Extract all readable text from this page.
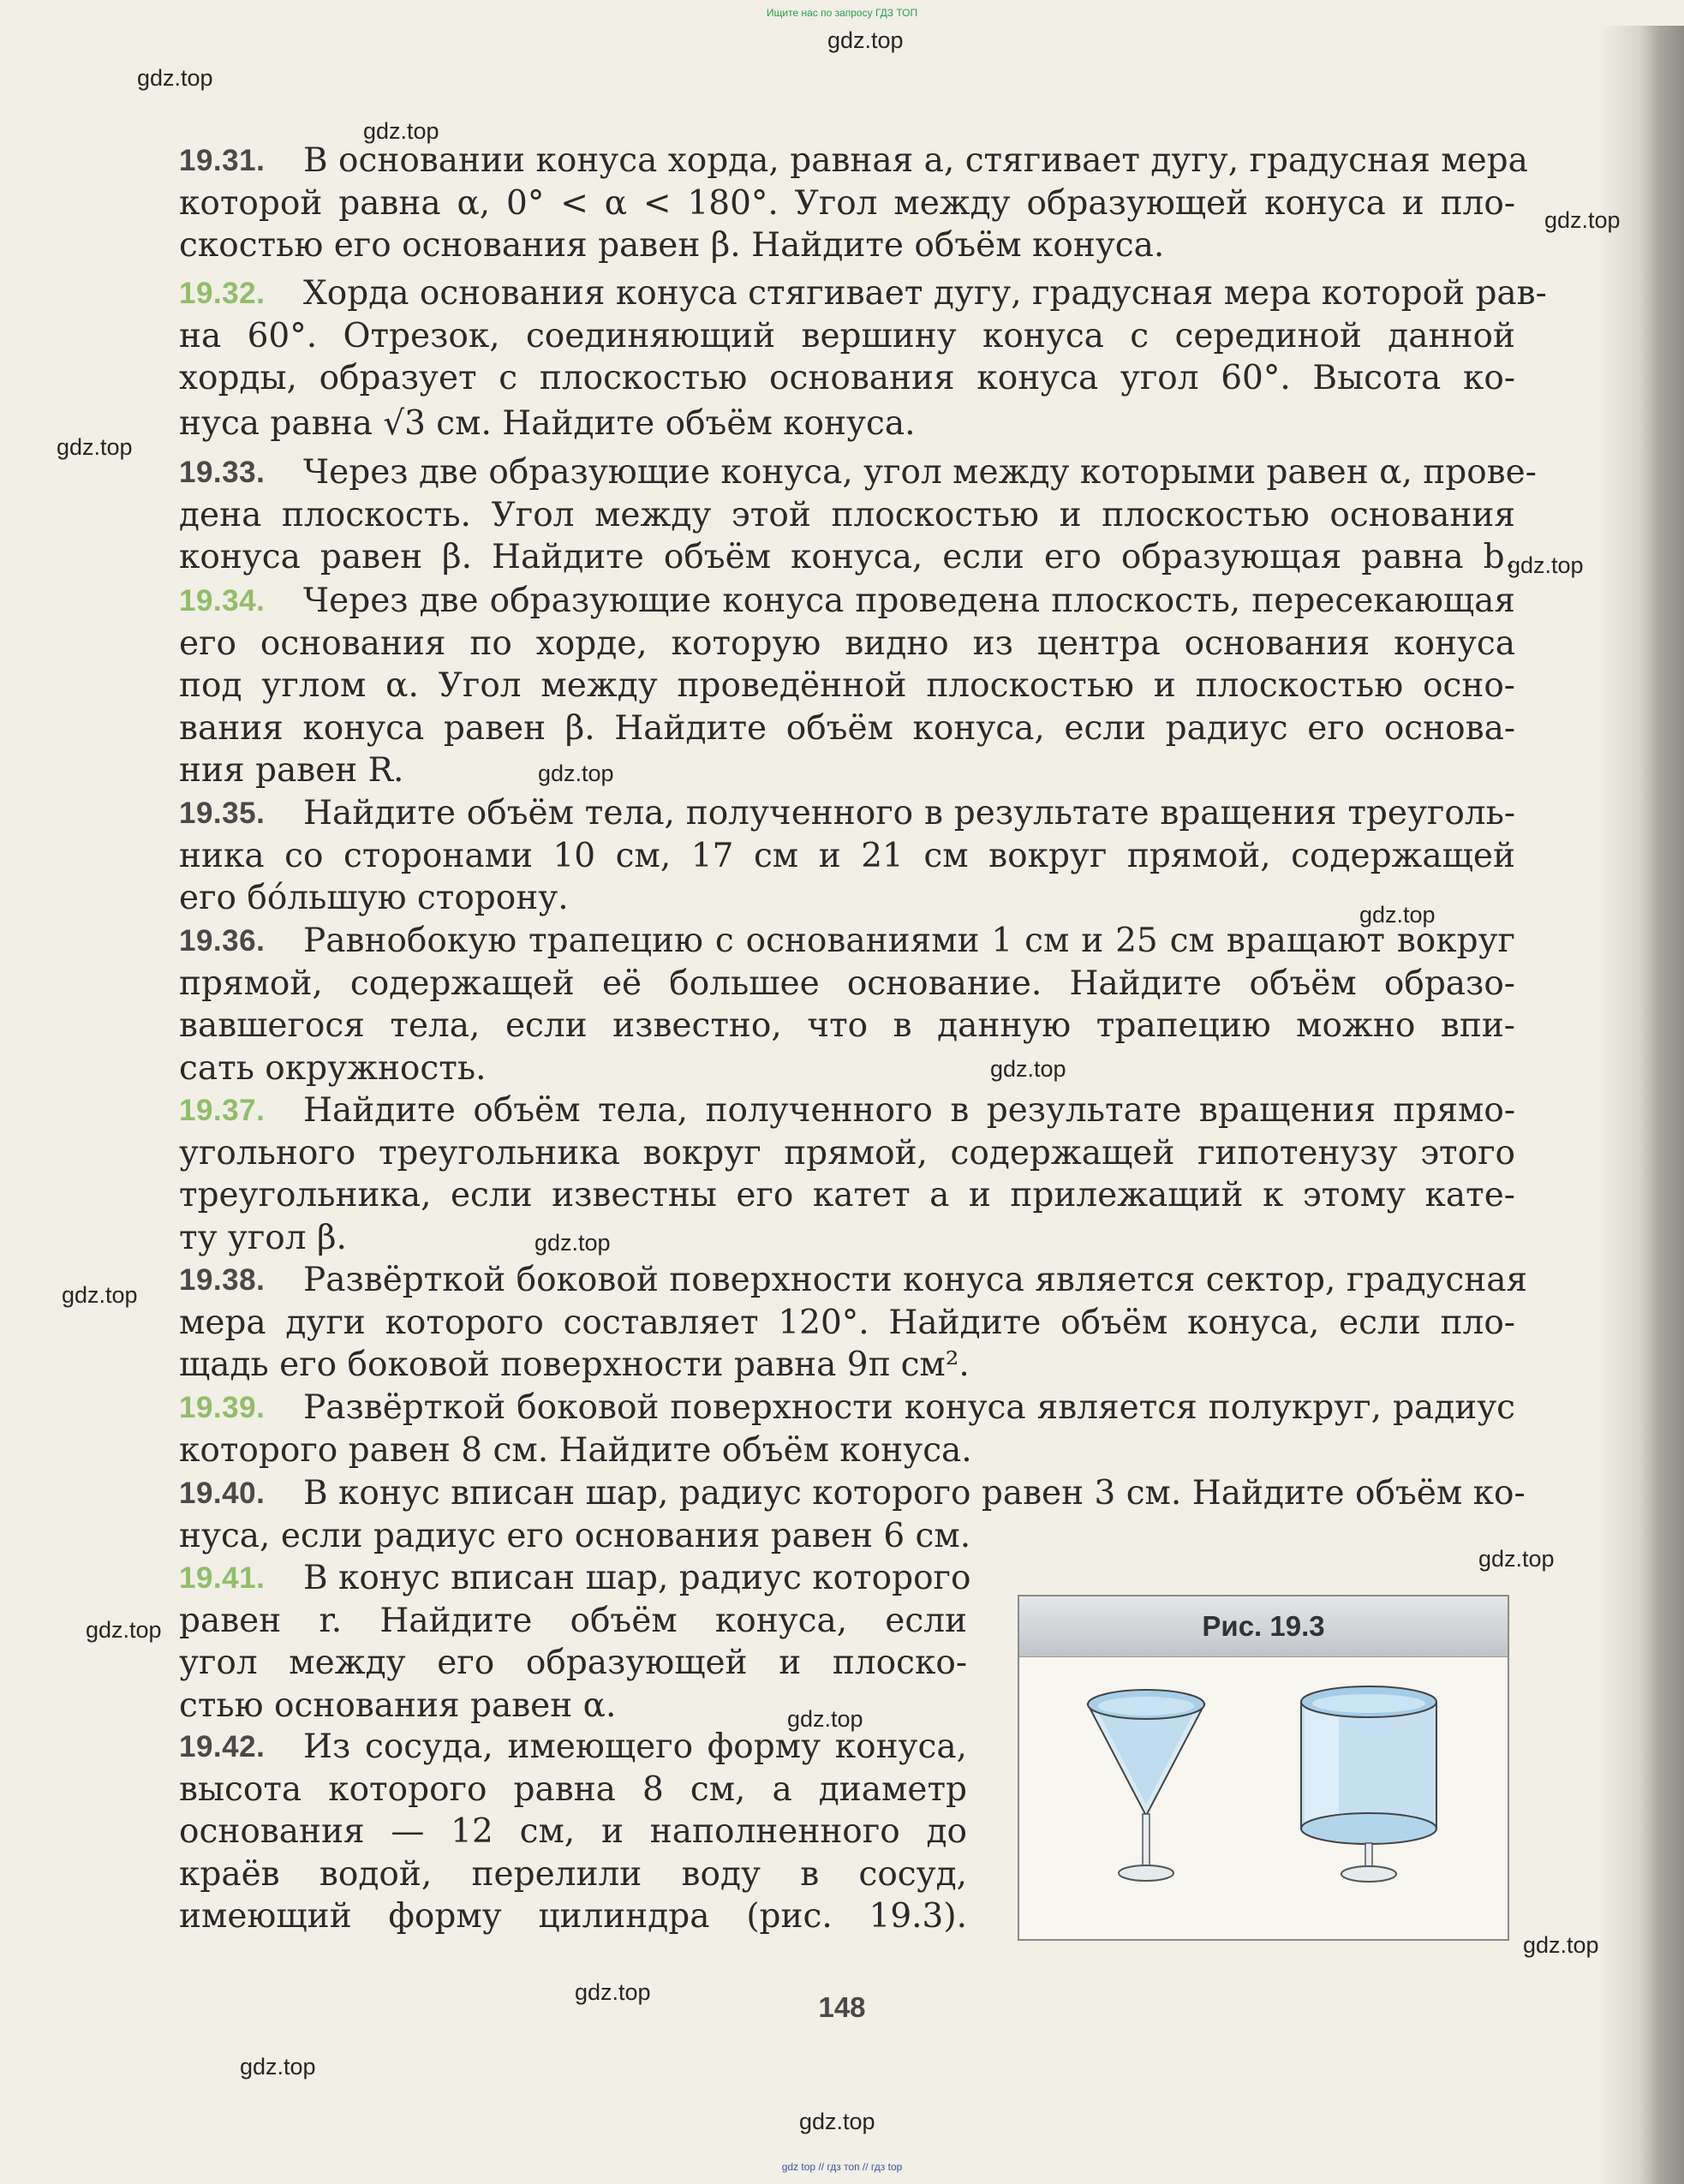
Ищите нас по запросу ГДЗ ТОП
gdz.top
gdz.top
gdz.top
gdz.top
gdz.top
gdz.top
gdz.top
gdz.top
gdz.top
gdz.top
gdz.top
gdz.top
gdz.top
gdz.top
gdz.top
gdz.top
gdz.top
gdz.top
19.31. В основании конуса хорда, равная a, стягивает дугу, градусная мера
которой равна α, 0° < α < 180°. Угол между образующей конуса и пло-
скостью его основания равен β. Найдите объём конуса.
19.32. Хорда основания конуса стягивает дугу, градусная мера которой рав-
на 60°. Отрезок, соединяющий вершину конуса с серединой данной
хорды, образует с плоскостью основания конуса угол 60°. Высота ко-
нуса равна √3 см. Найдите объём конуса.
19.33. Через две образующие конуса, угол между которыми равен α, прове-
дена плоскость. Угол между этой плоскостью и плоскостью основания
конуса равен β. Найдите объём конуса, если его образующая равна b.
19.34. Через две образующие конуса проведена плоскость, пересекающая
его основания по хорде, которую видно из центра основания конуса
под углом α. Угол между проведённой плоскостью и плоскостью осно-
вания конуса равен β. Найдите объём конуса, если радиус его основа-
ния равен R.
19.35. Найдите объём тела, полученного в результате вращения треуголь-
ника со сторонами 10 см, 17 см и 21 см вокруг прямой, содержащей
его бóльшую сторону.
19.36. Равнобокую трапецию с основаниями 1 см и 25 см вращают вокруг
прямой, содержащей её большее основание. Найдите объём образо-
вавшегося тела, если известно, что в данную трапецию можно впи-
сать окружность.
19.37. Найдите объём тела, полученного в результате вращения прямо-
угольного треугольника вокруг прямой, содержащей гипотенузу этого
треугольника, если известны его катет a и прилежащий к этому кате-
ту угол β.
19.38. Развёрткой боковой поверхности конуса является сектор, градусная
мера дуги которого составляет 120°. Найдите объём конуса, если пло-
щадь его боковой поверхности равна 9π см².
19.39. Развёрткой боковой поверхности конуса является полукруг, радиус
которого равен 8 см. Найдите объём конуса.
19.40. В конус вписан шар, радиус которого равен 3 см. Найдите объём ко-
нуса, если радиус его основания равен 6 см.
19.41. В конус вписан шар, радиус которого
равен r. Найдите объём конуса, если
угол между его образующей и плоско-
стью основания равен α.
19.42. Из сосуда, имеющего форму конуса,
высота которого равна 8 см, а диаметр
основания — 12 см, и наполненного до
краёв водой, перелили воду в сосуд,
имеющий форму цилиндра (рис. 19.3).
Рис. 19.3
148
gdz top // гдз топ // гдз top
